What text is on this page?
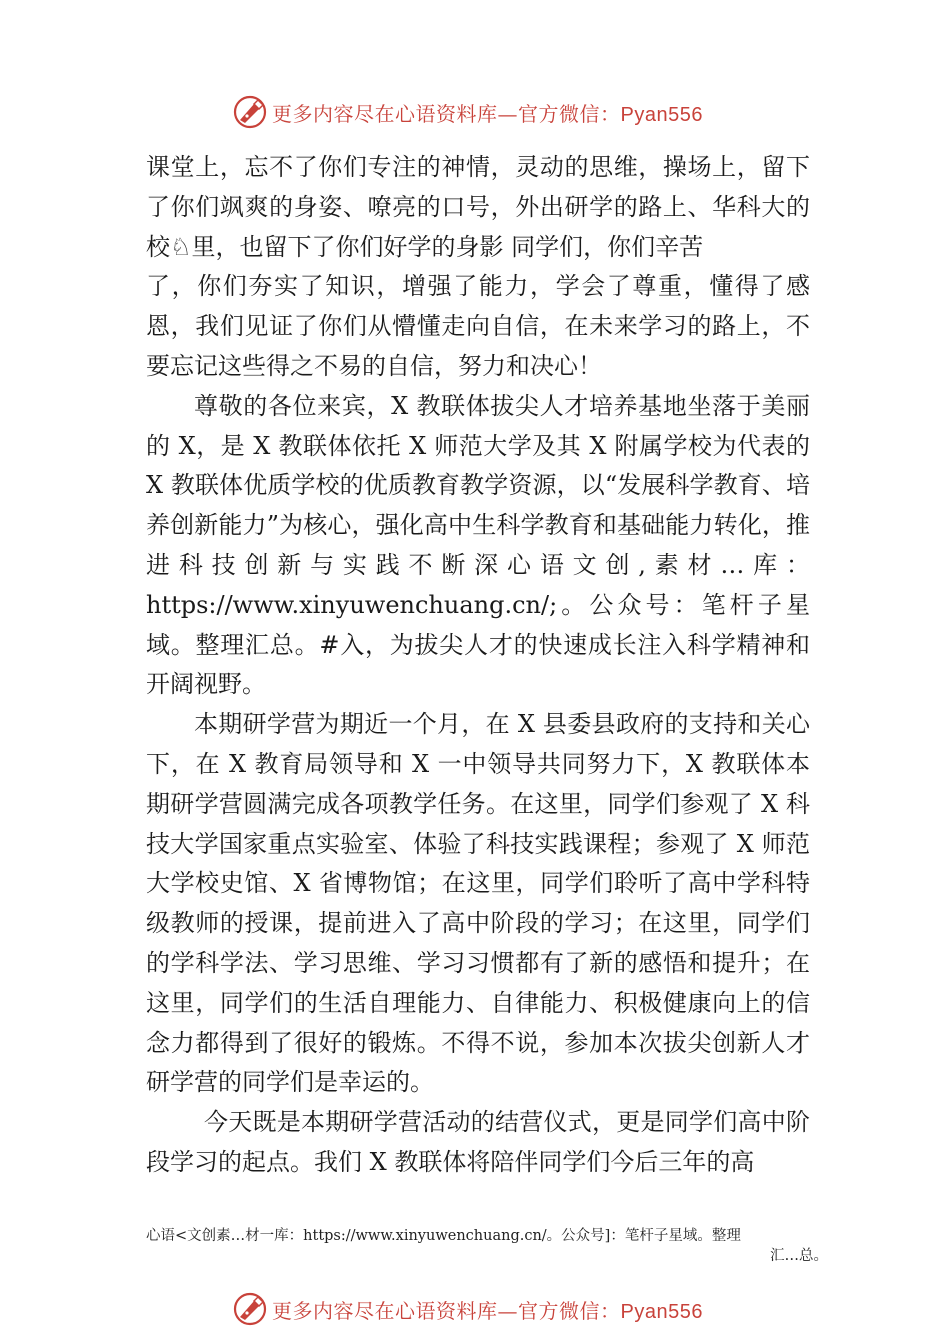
更多内容尽在心语资料库—官方微信：Pyan556

课堂上，忘不了你们专注的神情，灵动的思维，操场上，留下了你们飒爽的身姿、嘹亮的口号，外出研学的路上、华科大的校♘里，也留下了你们好学的身影 同学们，你们辛苦

了，你们夯实了知识，增强了能力，学会了尊重，懂得了感恩，我们见证了你们从懵懂走向自信，在未来学习的路上，不要忘记这些得之不易的自信，努力和决心！

尊敬的各位来宾，X 教联体拔尖人才培养基地坐落于美丽的 X，是 X 教联体依托 X 师范大学及其 X 附属学校为代表的 X 教联体优质学校的优质教育教学资源，以“发展科学教育、培养创新能力”为核心，强化高中生科学教育和基础能力转化，推进科技创新与实践不断深心语文创,素材…库：https://www.xinyuwenchuang.cn/;。公众号：笔杆子星域。整理汇总。#入，为拔尖人才的快速成长注入科学精神和开阔视野。

本期研学营为期近一个月，在 X 县委县政府的支持和关心下，在 X 教育局领导和 X 一中领导共同努力下，X 教联体本期研学营圆满完成各项教学任务。在这里，同学们参观了 X 科技大学国家重点实验室、体验了科技实践课程；参观了 X 师范大学校史馆、X 省博物馆；在这里，同学们聆听了高中学科特级教师的授课，提前进入了高中阶段的学习；在这里，同学们的学科学法、学习思维、学习习惯都有了新的感悟和提升；在这里，同学们的生活自理能力、自律能力、积极健康向上的信念力都得到了很好的锻炼。不得不说，参加本次拔尖创新人才研学营的同学们是幸运的。

今天既是本期研学营活动的结营仪式，更是同学们高中阶段学习的起点。我们 X 教联体将陪伴同学们今后三年的高

心语<文创素…材一库：https://www.xinyuwenchuang.cn/。公众号]：笔杆子星域。整理
汇…总。
更多内容尽在心语资料库—官方微信：Pyan556
